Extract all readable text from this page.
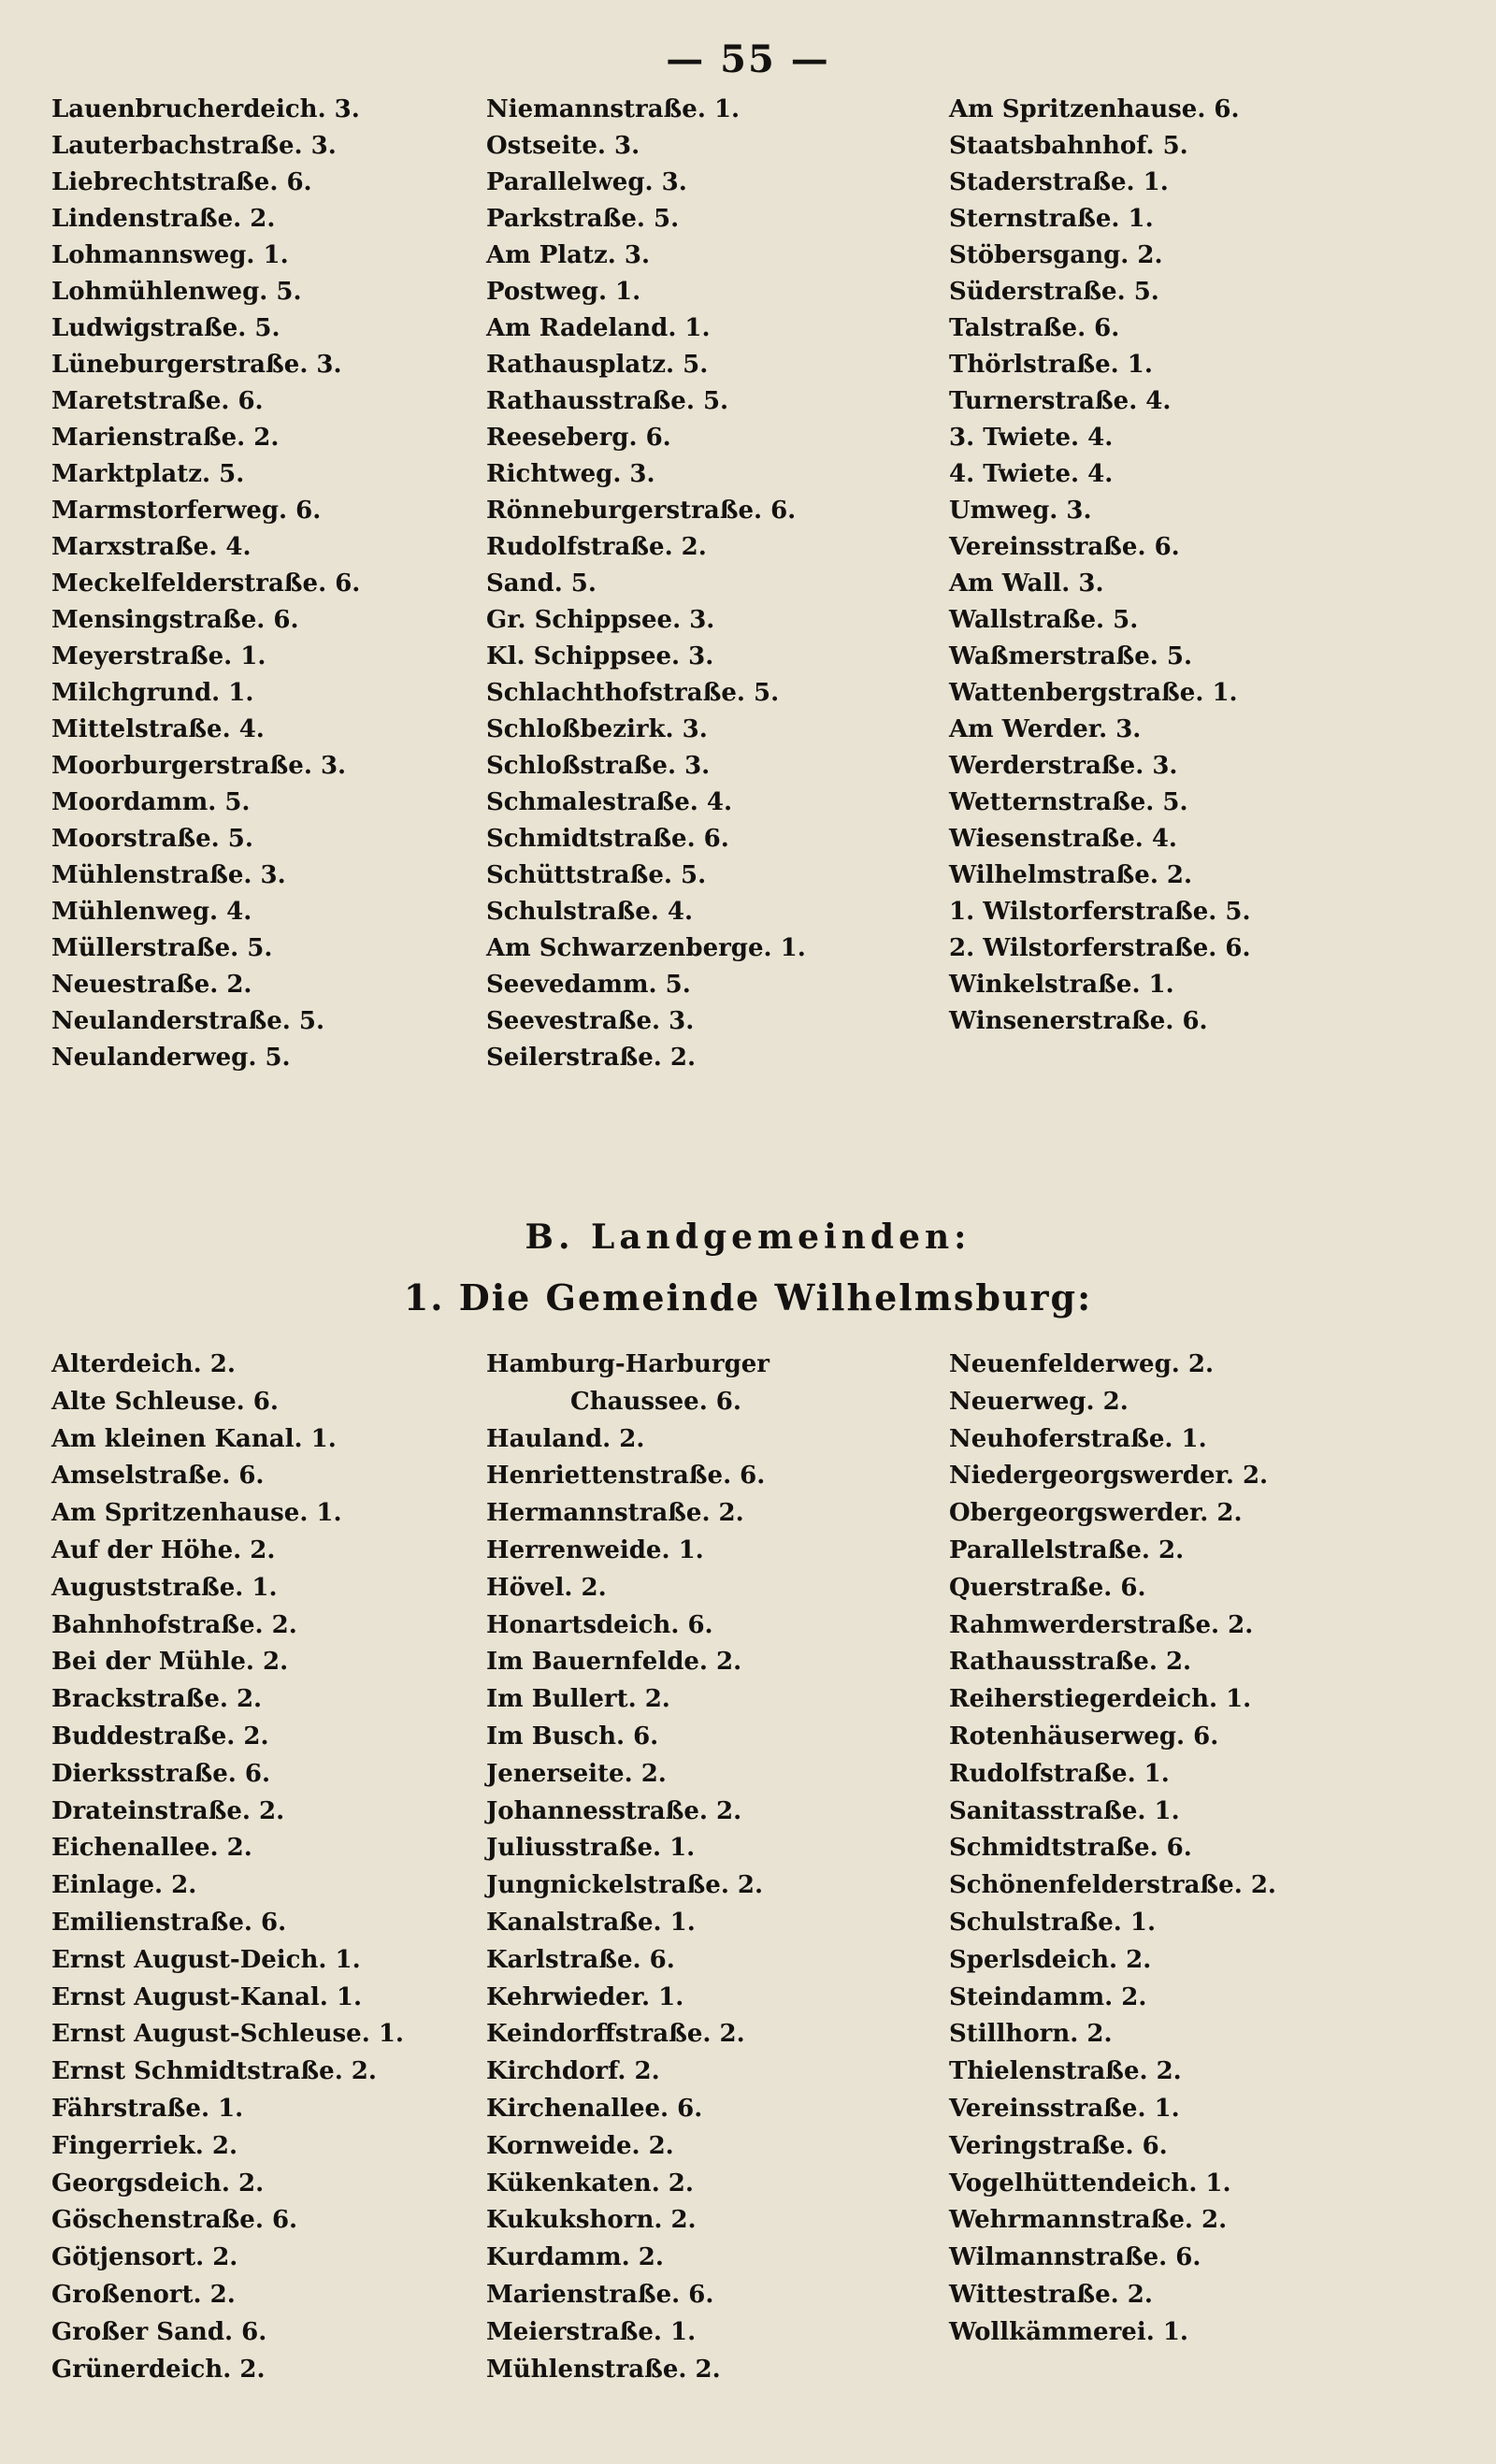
— 55 —
Lauenbrucherdeich. 3.
Lauterbachstraße. 3.
Liebrechtstraße. 6.
Lindenstraße. 2.
Lohmannsweg. 1.
Lohmühlenweg. 5.
Ludwigstraße. 5.
Lüneburgerstraße. 3.
Maretstraße. 6.
Marienstraße. 2.
Marktplatz. 5.
Marmstorferweg. 6.
Marxstraße. 4.
Meckelfelderstraße. 6.
Mensingstraße. 6.
Meyerstraße. 1.
Milchgrund. 1.
Mittelstraße. 4.
Moorburgerstraße. 3.
Moordamm. 5.
Moorstraße. 5.
Mühlenstraße. 3.
Mühlenweg. 4.
Müllerstraße. 5.
Neuestraße. 2.
Neulanderstraße. 5.
Neulanderweg. 5.
Niemannstraße. 1.
Ostseite. 3.
Parallelweg. 3.
Parkstraße. 5.
Am Platz. 3.
Postweg. 1.
Am Radeland. 1.
Rathausplatz. 5.
Rathausstraße. 5.
Reeseberg. 6.
Richtweg. 3.
Rönneburgerstraße. 6.
Rudolfstraße. 2.
Sand. 5.
Gr. Schippsee. 3.
Kl. Schippsee. 3.
Schlachthofstraße. 5.
Schloßbezirk. 3.
Schloßstraße. 3.
Schmalestraße. 4.
Schmidtstraße. 6.
Schüttstraße. 5.
Schulstraße. 4.
Am Schwarzenberge. 1.
Seevedamm. 5.
Seevestraße. 3.
Seilerstraße. 2.
Am Spritzenhause. 6.
Staatsbahnhof. 5.
Staderstraße. 1.
Sternstraße. 1.
Stöbersgang. 2.
Süderstraße. 5.
Talstraße. 6.
Thörlstraße. 1.
Turnerstraße. 4.
3. Twiete. 4.
4. Twiete. 4.
Umweg. 3.
Vereinsstraße. 6.
Am Wall. 3.
Wallstraße. 5.
Waßmerstraße. 5.
Wattenbergstraße. 1.
Am Werder. 3.
Werderstraße. 3.
Wetternstraße. 5.
Wiesenstraße. 4.
Wilhelmstraße. 2.
1. Wilstorferstraße. 5.
2. Wilstorferstraße. 6.
Winkelstraße. 1.
Winsenerstraße. 6.
B. Landgemeinden:
1. Die Gemeinde Wilhelmsburg:
Alterdeich. 2.
Alte Schleuse. 6.
Am kleinen Kanal. 1.
Amselstraße. 6.
Am Spritzenhause. 1.
Auf der Höhe. 2.
Auguststraße. 1.
Bahnhofstraße. 2.
Bei der Mühle. 2.
Brackstraße. 2.
Buddestraße. 2.
Dierksstraße. 6.
Drateinstraße. 2.
Eichenallee. 2.
Einlage. 2.
Emilienstraße. 6.
Ernst August-Deich. 1.
Ernst August-Kanal. 1.
Ernst August-Schleuse. 1.
Ernst Schmidtstraße. 2.
Fährstraße. 1.
Fingerriek. 2.
Georgsdeich. 2.
Göschenstraße. 6.
Götjensort. 2.
Großenort. 2.
Großer Sand. 6.
Grünerdeich. 2.
Hamburg-Harburger
Chaussee. 6.
Hauland. 2.
Henriettenstraße. 6.
Hermannstraße. 2.
Herrenweide. 1.
Hövel. 2.
Honartsdeich. 6.
Im Bauernfelde. 2.
Im Bullert. 2.
Im Busch. 6.
Jenerseite. 2.
Johannesstraße. 2.
Juliusstraße. 1.
Jungnickelstraße. 2.
Kanalstraße. 1.
Karlstraße. 6.
Kehrwieder. 1.
Keindorffstraße. 2.
Kirchdorf. 2.
Kirchenallee. 6.
Kornweide. 2.
Kükenkaten. 2.
Kukukshorn. 2.
Kurdamm. 2.
Marienstraße. 6.
Meierstraße. 1.
Mühlenstraße. 2.
Neuenfelderweg. 2.
Neuerweg. 2.
Neuhoferstraße. 1.
Niedergeorgswerder. 2.
Obergeorgswerder. 2.
Parallelstraße. 2.
Querstraße. 6.
Rahmwerderstraße. 2.
Rathausstraße. 2.
Reiherstiegerdeich. 1.
Rotenhäuserweg. 6.
Rudolfstraße. 1.
Sanitasstraße. 1.
Schmidtstraße. 6.
Schönenfelderstraße. 2.
Schulstraße. 1.
Sperlsdeich. 2.
Steindamm. 2.
Stillhorn. 2.
Thielenstraße. 2.
Vereinsstraße. 1.
Veringstraße. 6.
Vogelhüttendeich. 1.
Wehrmannstraße. 2.
Wilmannstraße. 6.
Wittestraße. 2.
Wollkämmerei. 1.
